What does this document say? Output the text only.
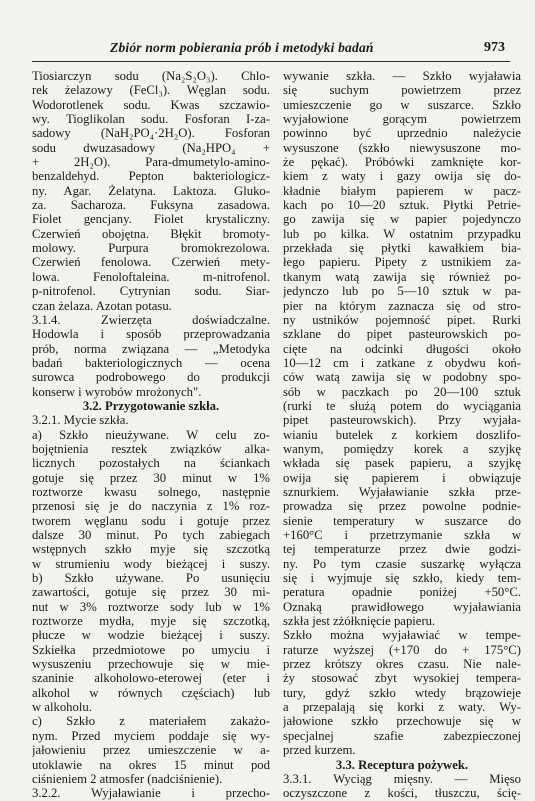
Zbiór norm pobierania prób i metodyki badań	973
Tiosiarczyn sodu (Na₂S₂O₃). Chlo-
rek żelazowy (FeCl₃). Węglan sodu.
Wodorotlenek sodu. Kwas szczawio-
wy. Tioglikolan sodu. Fosforan I-za-
sadowy (NaH₂PO₄·2H₂O). Fosforan
sodu dwuzasadowy (Na₂HPO₄ +
+ 2H₂O). Para-dmumetylo-amino-
benzaldehyd. Pepton bakteriologicz-
ny. Agar. Żelatyna. Laktoza. Gluko-
za. Sacharoza. Fuksyna zasadowa.
Fiolet gencjany. Fiolet krystaliczny.
Czerwień obojętna. Błękit bromoty-
molowy. Purpura bromokrezolowa.
Czerwień fenolowa. Czerwień mety-
lowa. Fenoloftaleina. m-nitrofenol.
p-nitrofenol. Cytrynian sodu. Siar-
czan żelaza. Azotan potasu.
3.1.4. Zwierzęta doświadczalne.
Hodowla i sposób przeprowadzania
prób, norma związana — „Metodyka
badań bakteriologicznych — ocena
surowca podrobowego do produkcji
konserw i wyrobów mrożonych".
3.2. Przygotowanie szkła.
3.2.1. Mycie szkła.
a) Szkło nieużywane. W celu zo-
bojętnienia resztek związków alka-
licznych pozostałych na ściankach
gotuje się przez 30 minut w 1%
roztworze kwasu solnego, następnie
przenosi się je do naczynia z 1% roz-
tworem węglanu sodu i gotuje przez
dalsze 30 minut. Po tych zabiegach
wstępnych szkło myje się szczotką
w strumieniu wody bieżącej i suszy.
b) Szkło używane. Po usunięciu
zawartości, gotuje się przez 30 mi-
nut w 3% roztworze sody lub w 1%
roztworze mydła, myje się szczotką,
płucze w wodzie bieżącej i suszy.
Szkiełka przedmiotowe po umyciu i
wysuszeniu przechowuje się w mie-
szaninie alkoholowo-eterowej (eter i
alkohol w równych częściach) lub
w alkoholu.
c) Szkło z materiałem zakażo-
nym. Przed myciem poddaje się wy-
jałowieniu przez umieszczenie w a-
utoklawie na okres 15 minut pod
ciśnieniem 2 atmosfer (nadciśnienie).
3.2.2. Wyjaławianie i przecho-
wywanie szkła. — Szkło wyjaławia
się suchym powietrzem przez
umieszczenie go w suszarce. Szkło
wyjałowione gorącym powietrzem
powinno być uprzednio należycie
wysuszone (szkło niewysuszone mo-
że pękać). Próbówki zamknięte kor-
kiem z waty i gazy owija się do-
kładnie białym papierem w pacz-
kach po 10—20 sztuk. Płytki Petrie-
go zawija się w papier pojedynczo
lub po kilka. W ostatnim przypadku
przekłada się płytki kawałkiem bia-
łego papieru. Pipety z ustnikiem za-
tkanym watą zawija się również po-
jedynczo lub po 5—10 sztuk w pa-
pier na którym zaznacza się od stro-
ny ustników pojemność pipet. Rurki
szklane do pipet pasteurowskich po-
cięte na odcinki długości około
10—12 cm i zatkane z obydwu koń-
ców watą zawija się w podobny spo-
sób w paczkach po 20—100 sztuk
(rurki te służą potem do wyciągania
pipet pasteurowskich). Przy wyjała-
wianiu butelek z korkiem doszlifo-
wanym, pomiędzy korek a szyjkę
wkłada się pasek papieru, a szyjkę
owija się papierem i obwiązuje
sznurkiem. Wyjaławianie szkła prze-
prowadza się przez powolne podnie-
sienie temperatury w suszarce do
+160°C i przetrzymanie szkła w
tej temperaturze przez dwie godzi-
ny. Po tym czasie suszarkę wyłącza
się i wyjmuje się szkło, kiedy tem-
peratura opadnie poniżej +50°C.
Oznaką prawidłowego wyjaławiania
szkła jest zżółknięcie papieru.
Szkło można wyjaławiać w tempe-
raturze wyższej (+170 do + 175°C)
przez krótszy okres czasu. Nie nale-
ży stosować zbyt wysokiej tempera-
tury, gdyż szkło wtedy brązowieje
a przepalają się korki z waty. Wy-
jałowione szkło przechowuje się w
specjalnej szafie zabezpieczonej
przed kurzem.
3.3. Receptura pożywek.
3.3.1. Wyciąg mięsny. — Mięso
oczyszczone z kości, tłuszczu, ścię-
